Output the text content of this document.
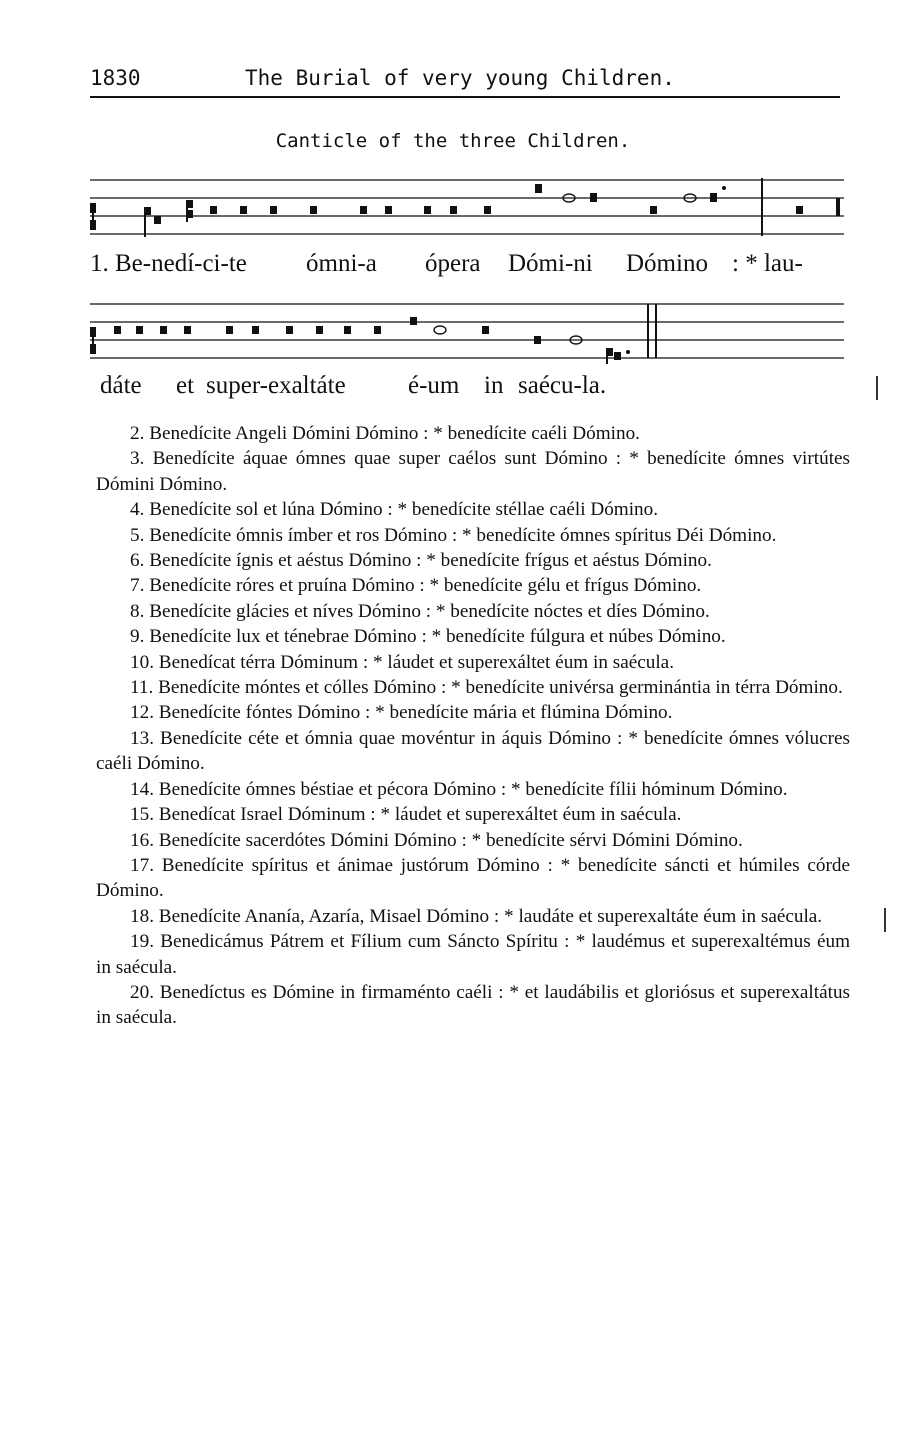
1830	The Burial of very young Children.
Canticle of the three Children.
1. Be-nedí-ci-te ómni-a ópera Dómi-ni Dómino : * lau-
dáte et super-exaltáte é-um in saécu-la.

2. Benedícite Angeli Dómini Dómino : * benedícite caéli Dómino.

3. Benedícite áquae ómnes quae super caélos sunt Dómino : * benedícite ómnes virtútes Dómini Dómino.

4. Benedícite sol et lúna Dómino : * benedícite stéllae caéli Dómino.

5. Benedícite ómnis ímber et ros Dómino : * benedícite ómnes spíritus Déi Dómino.

6. Benedícite ígnis et aéstus Dómino : * benedícite frígus et aéstus Dómino.

7. Benedícite róres et pruína Dómino : * benedícite gélu et frígus Dómino.

8. Benedícite glácies et níves Dómino : * benedícite nóctes et díes Dómino.

9. Benedícite lux et ténebrae Dómino : * benedícite fúlgura et núbes Dómino.

10. Benedícat térra Dóminum : * láudet et superexáltet éum in saécula.

11. Benedícite móntes et cólles Dómino : * benedícite univérsa germinántia in térra Dómino.

12. Benedícite fóntes Dómino : * benedícite mária et flúmina Dómino.

13. Benedícite céte et ómnia quae movéntur in áquis Dómino : * benedícite ómnes vólucres caéli Dómino.

14. Benedícite ómnes béstiae et pécora Dómino : * benedícite fílii hóminum Dómino.

15. Benedícat Israel Dóminum : * láudet et superexáltet éum in saécula.

16. Benedícite sacerdótes Dómini Dómino : * benedícite sérvi Dómini Dómino.

17. Benedícite spíritus et ánimae justórum Dómino : * benedícite sáncti et húmiles córde Dómino.

18. Benedícite Ananía, Azaría, Misael Dómino : * laudáte et superexaltáte éum in saécula.

19. Benedicámus Pátrem et Fílium cum Sáncto Spíritu : * laudémus et superexaltémus éum in saécula.

20. Benedíctus es Dómine in firmaménto caéli : * et laudábilis et gloriósus et superexaltátus in saécula.
